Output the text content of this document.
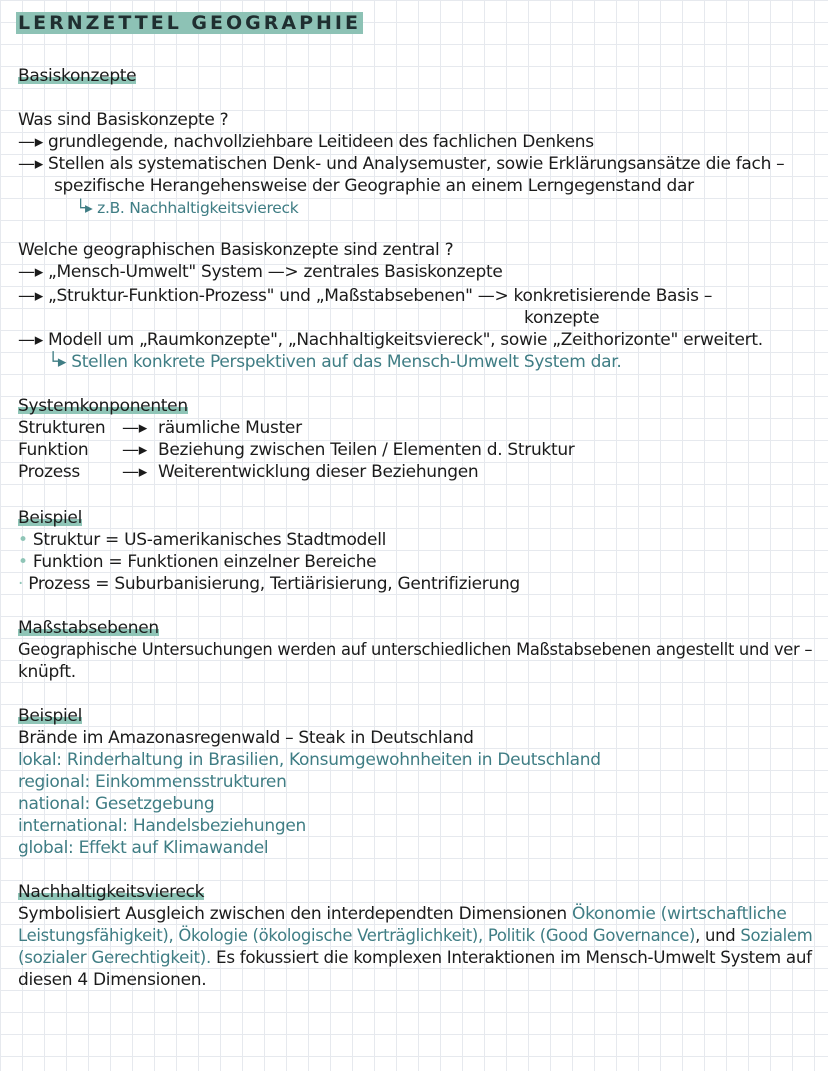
LERNZETTEL GEOGRAPHIE
Basiskonzepte
Was sind Basiskonzepte ?
—▸ grundlegende, nachvollziehbare Leitideen des fachlichen Denkens
—▸ Stellen als systematischen Denk- und Analysemuster, sowie Erklärungsansätze die fach –
spezifische Herangehensweise der Geographie an einem Lerngegenstand dar
└▸ z.B. Nachhaltigkeitsviereck
Welche geographischen Basiskonzepte sind zentral ?
—▸ „Mensch-Umwelt" System —> zentrales Basiskonzepte
—▸ „Struktur-Funktion-Prozess" und „Maßstabsebenen" —> konkretisierende Basis –
konzepte
—▸ Modell um „Raumkonzepte", „Nachhaltigkeitsviereck", sowie „Zeithorizonte" erweitert.
└▸ Stellen konkrete Perspektiven auf das Mensch-Umwelt System dar.
Systemkonponenten
Strukturen —▸ räumliche Muster
Funktion —▸ Beziehung zwischen Teilen / Elementen d. Struktur
Prozess —▸ Weiterentwicklung dieser Beziehungen
Beispiel
• Struktur = US-amerikanisches Stadtmodell
• Funktion = Funktionen einzelner Bereiche
· Prozess = Suburbanisierung, Tertiärisierung, Gentrifizierung
Maßstabsebenen
Geographische Untersuchungen werden auf unterschiedlichen Maßstabsebenen angestellt und ver –
knüpft.
Beispiel
Brände im Amazonasregenwald – Steak in Deutschland
lokal: Rinderhaltung in Brasilien, Konsumgewohnheiten in Deutschland
regional: Einkommensstrukturen
national: Gesetzgebung
international: Handelsbeziehungen
global: Effekt auf Klimawandel
Nachhaltigkeitsviereck
Symbolisiert Ausgleich zwischen den interdependten Dimensionen Ökonomie (wirtschaftliche
Leistungsfähigkeit), Ökologie (ökologische Verträglichkeit), Politik (Good Governance), und Sozialem
(sozialer Gerechtigkeit). Es fokussiert die komplexen Interaktionen im Mensch-Umwelt System auf
diesen 4 Dimensionen.
